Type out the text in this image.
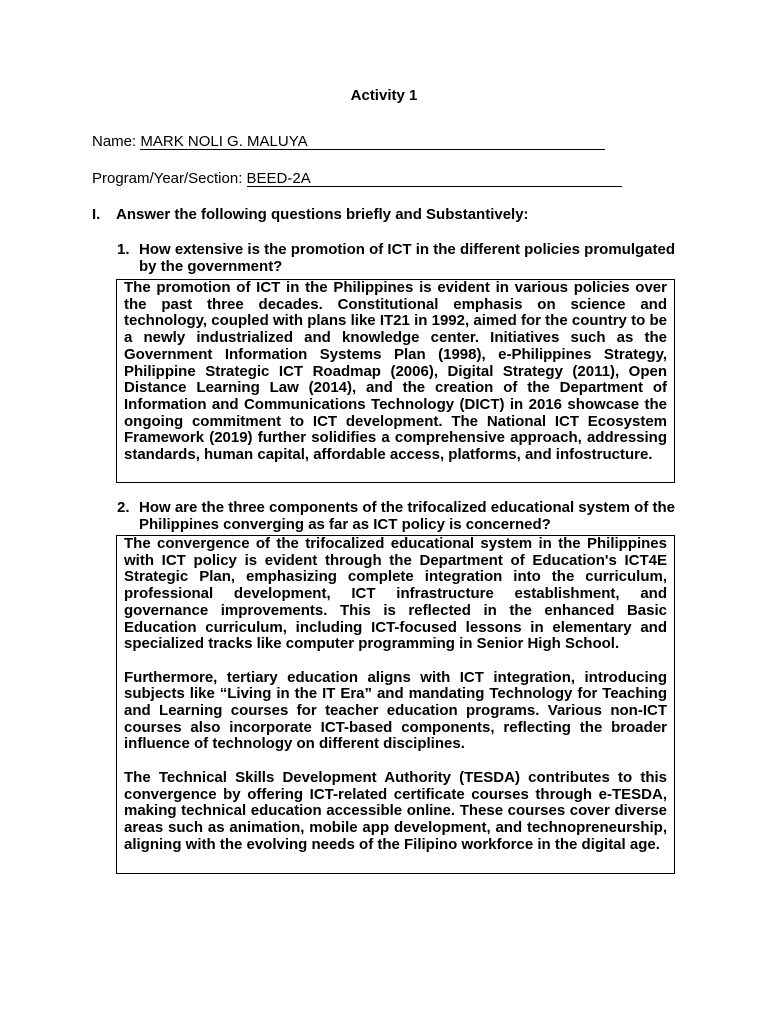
Activity 1
Name: MARK NOLI G. MALUYA
Program/Year/Section: BEED-2A
I. Answer the following questions briefly and Substantively:
1. How extensive is the promotion of ICT in the different policies promulgated by the government?

The promotion of ICT in the Philippines is evident in various policies over the past three decades. Constitutional emphasis on science and technology, coupled with plans like IT21 in 1992, aimed for the country to be a newly industrialized and knowledge center. Initiatives such as the Government Information Systems Plan (1998), e-Philippines Strategy, Philippine Strategic ICT Roadmap (2006), Digital Strategy (2011), Open Distance Learning Law (2014), and the creation of the Department of Information and Communications Technology (DICT) in 2016 showcase the ongoing commitment to ICT development. The National ICT Ecosystem Framework (2019) further solidifies a comprehensive approach, addressing standards, human capital, affordable access, platforms, and infostructure.

2. How are the three components of the trifocalized educational system of the Philippines converging as far as ICT policy is concerned?

The convergence of the trifocalized educational system in the Philippines with ICT policy is evident through the Department of Education's ICT4E Strategic Plan, emphasizing complete integration into the curriculum, professional development, ICT infrastructure establishment, and governance improvements. This is reflected in the enhanced Basic Education curriculum, including ICT-focused lessons in elementary and specialized tracks like computer programming in Senior High School.

Furthermore, tertiary education aligns with ICT integration, introducing subjects like “Living in the IT Era” and mandating Technology for Teaching and Learning courses for teacher education programs. Various non-ICT courses also incorporate ICT-based components, reflecting the broader influence of technology on different disciplines.

The Technical Skills Development Authority (TESDA) contributes to this convergence by offering ICT-related certificate courses through e-TESDA, making technical education accessible online. These courses cover diverse areas such as animation, mobile app development, and technopreneurship, aligning with the evolving needs of the Filipino workforce in the digital age.
